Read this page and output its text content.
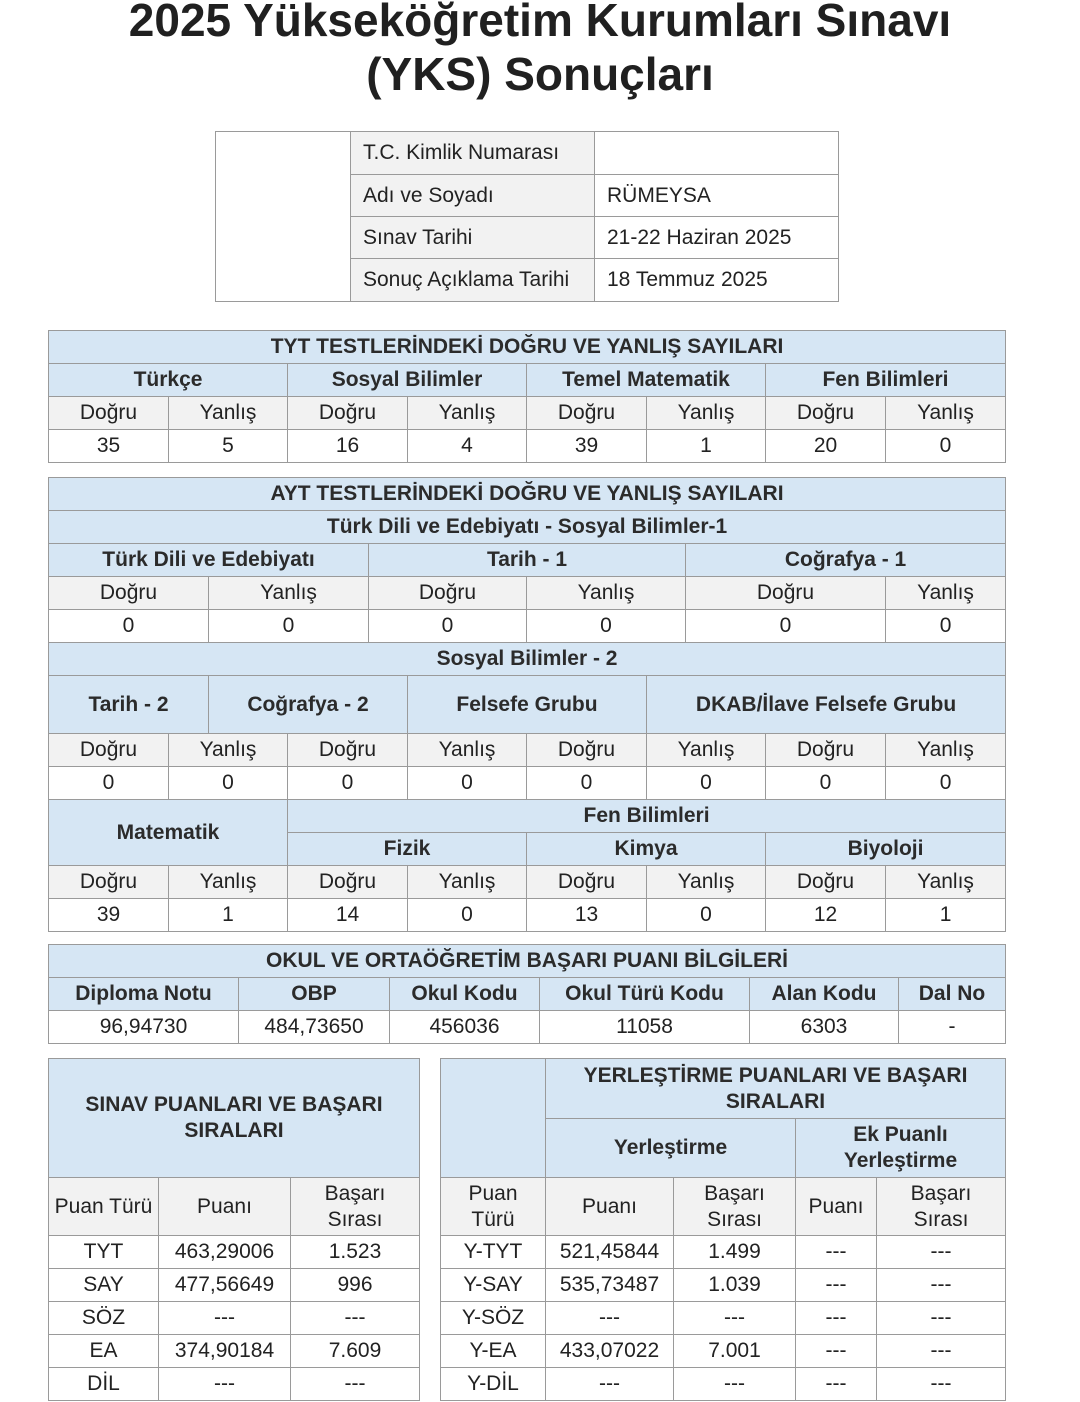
2025 Yükseköğretim Kurumları Sınavı
(YKS) Sonuçları
	T.C. Kimlik Numarası	
	Adı ve Soyadı	RÜMEYSA
	Sınav Tarihi	21-22 Haziran 2025
	Sonuç Açıklama Tarihi	18 Temmuz 2025
TYT TESTLERİNDEKİ DOĞRU VE YANLIŞ SAYILARI							
Türkçe		Sosyal Bilimler		Temel Matematik		Fen Bilimleri	
Doğru	Yanlış	Doğru	Yanlış	Doğru	Yanlış	Doğru	Yanlış
35	5	16	4	39	1	20	0
AYT TESTLERİNDEKİ DOĞRU VE YANLIŞ SAYILARI										
Türk Dili ve Edebiyatı - Sosyal Bilimler-1										
Türk Dili ve Edebiyatı				Tarih - 1				Coğrafya - 1		
Doğru		Yanlış		Doğru		Yanlış		Doğru		Yanlış
0		0		0		0		0		0
Sosyal Bilimler - 2										
Tarih - 2		Coğrafya - 2			Felsefe Grubu		DKAB/İlave Felsefe Grubu			
Doğru	Yanlış		Doğru		Yanlış	Doğru	Yanlış		Doğru	Yanlış
0	0		0		0	0	0		0	0
Matematik			Fen Bilimleri							
			Fizik			Kimya			Biyoloji	
Doğru	Yanlış		Doğru		Yanlış	Doğru	Yanlış		Doğru	Yanlış
39	1		14		0	13	0		12	1
OKUL VE ORTAÖĞRETİM BAŞARI PUANI BİLGİLERİ					
Diploma Notu	OBP	Okul Kodu	Okul Türü Kodu	Alan Kodu	Dal No
96,94730	484,73650	456036	11058	6303	-
SINAV PUANLARI VE BAŞARI SIRALARI		

Puan Türü	Puanı	Başarı Sırası
TYT	463,29006	1.523
SAY	477,56649	996
SÖZ	---	---
EA	374,90184	7.609
DİL	---	---
	YERLEŞTİRME PUANLARI VE BAŞARI SIRALARI			
	Yerleştirme		Ek Puanlı Yerleştirme	
Puan Türü	Puanı	Başarı Sırası	Puanı	Başarı Sırası
Y-TYT	521,45844	1.499	---	---
Y-SAY	535,73487	1.039	---	---
Y-SÖZ	---	---	---	---
Y-EA	433,07022	7.001	---	---
Y-DİL	---	---	---	---
